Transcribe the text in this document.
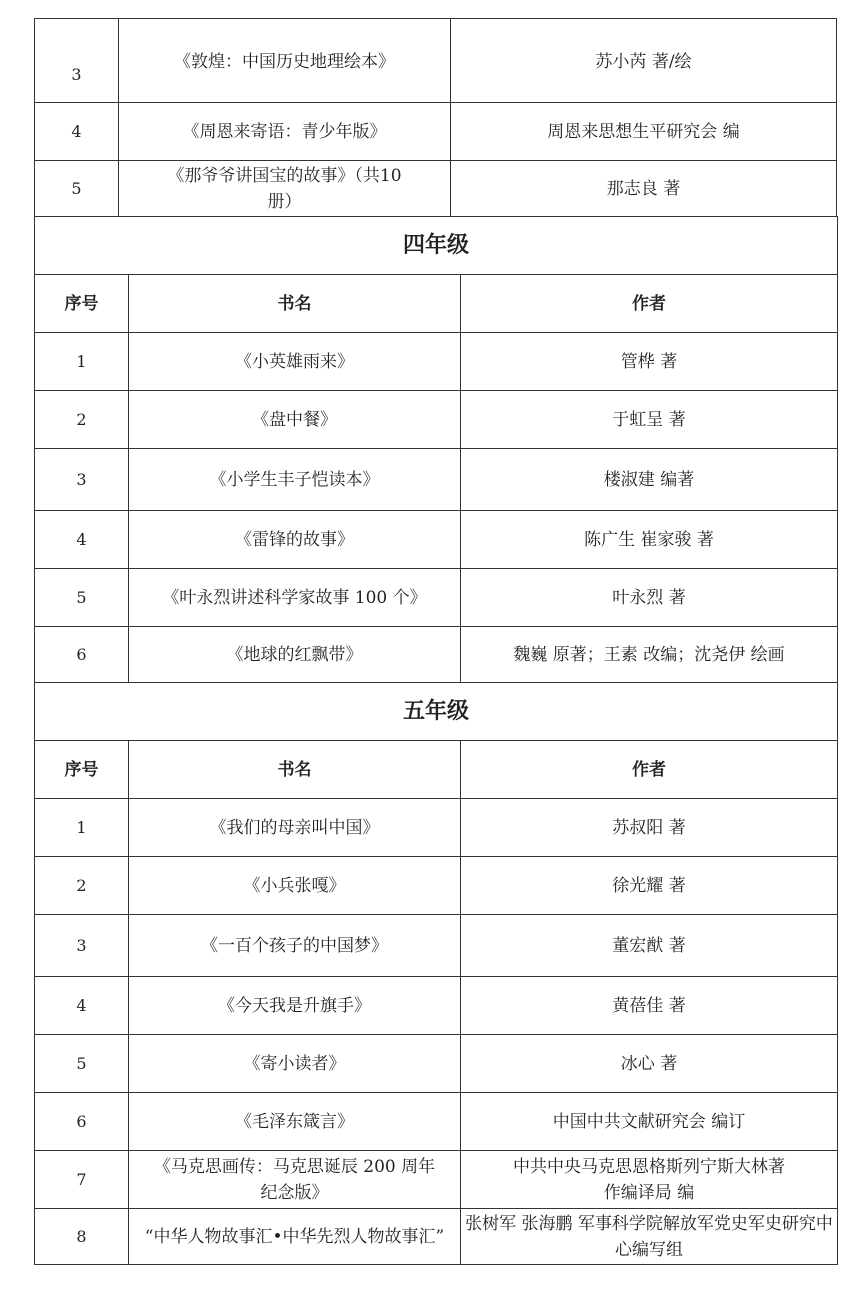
3	《敦煌：中国历史地理绘本》	苏小芮 著/绘
4	《周恩来寄语：青少年版》	周恩来思想生平研究会 编
5	《那爷爷讲国宝的故事》（共10册）	那志良 著
四年级		
序号	书名	作者
1	《小英雄雨来》	管桦 著
2	《盘中餐》	于虹呈 著
3	《小学生丰子恺读本》	楼淑建 编著
4	《雷锋的故事》	陈广生 崔家骏 著
5	《叶永烈讲述科学家故事 100 个》	叶永烈 著
6	《地球的红飘带》	魏巍 原著；王素 改编；沈尧伊 绘画
五年级		
序号	书名	作者
1	《我们的母亲叫中国》	苏叔阳 著
2	《小兵张嘎》	徐光耀 著
3	《一百个孩子的中国梦》	董宏猷 著
4	《今天我是升旗手》	黄蓓佳 著
5	《寄小读者》	冰心 著
6	《毛泽东箴言》	中国中共文献研究会 编订
7	《马克思画传：马克思诞辰 200 周年纪念版》	中共中央马克思恩格斯列宁斯大林著作编译局 编
8	“中华人物故事汇•中华先烈人物故事汇”	张树军 张海鹏 军事科学院解放军党史军史研究中心编写组
